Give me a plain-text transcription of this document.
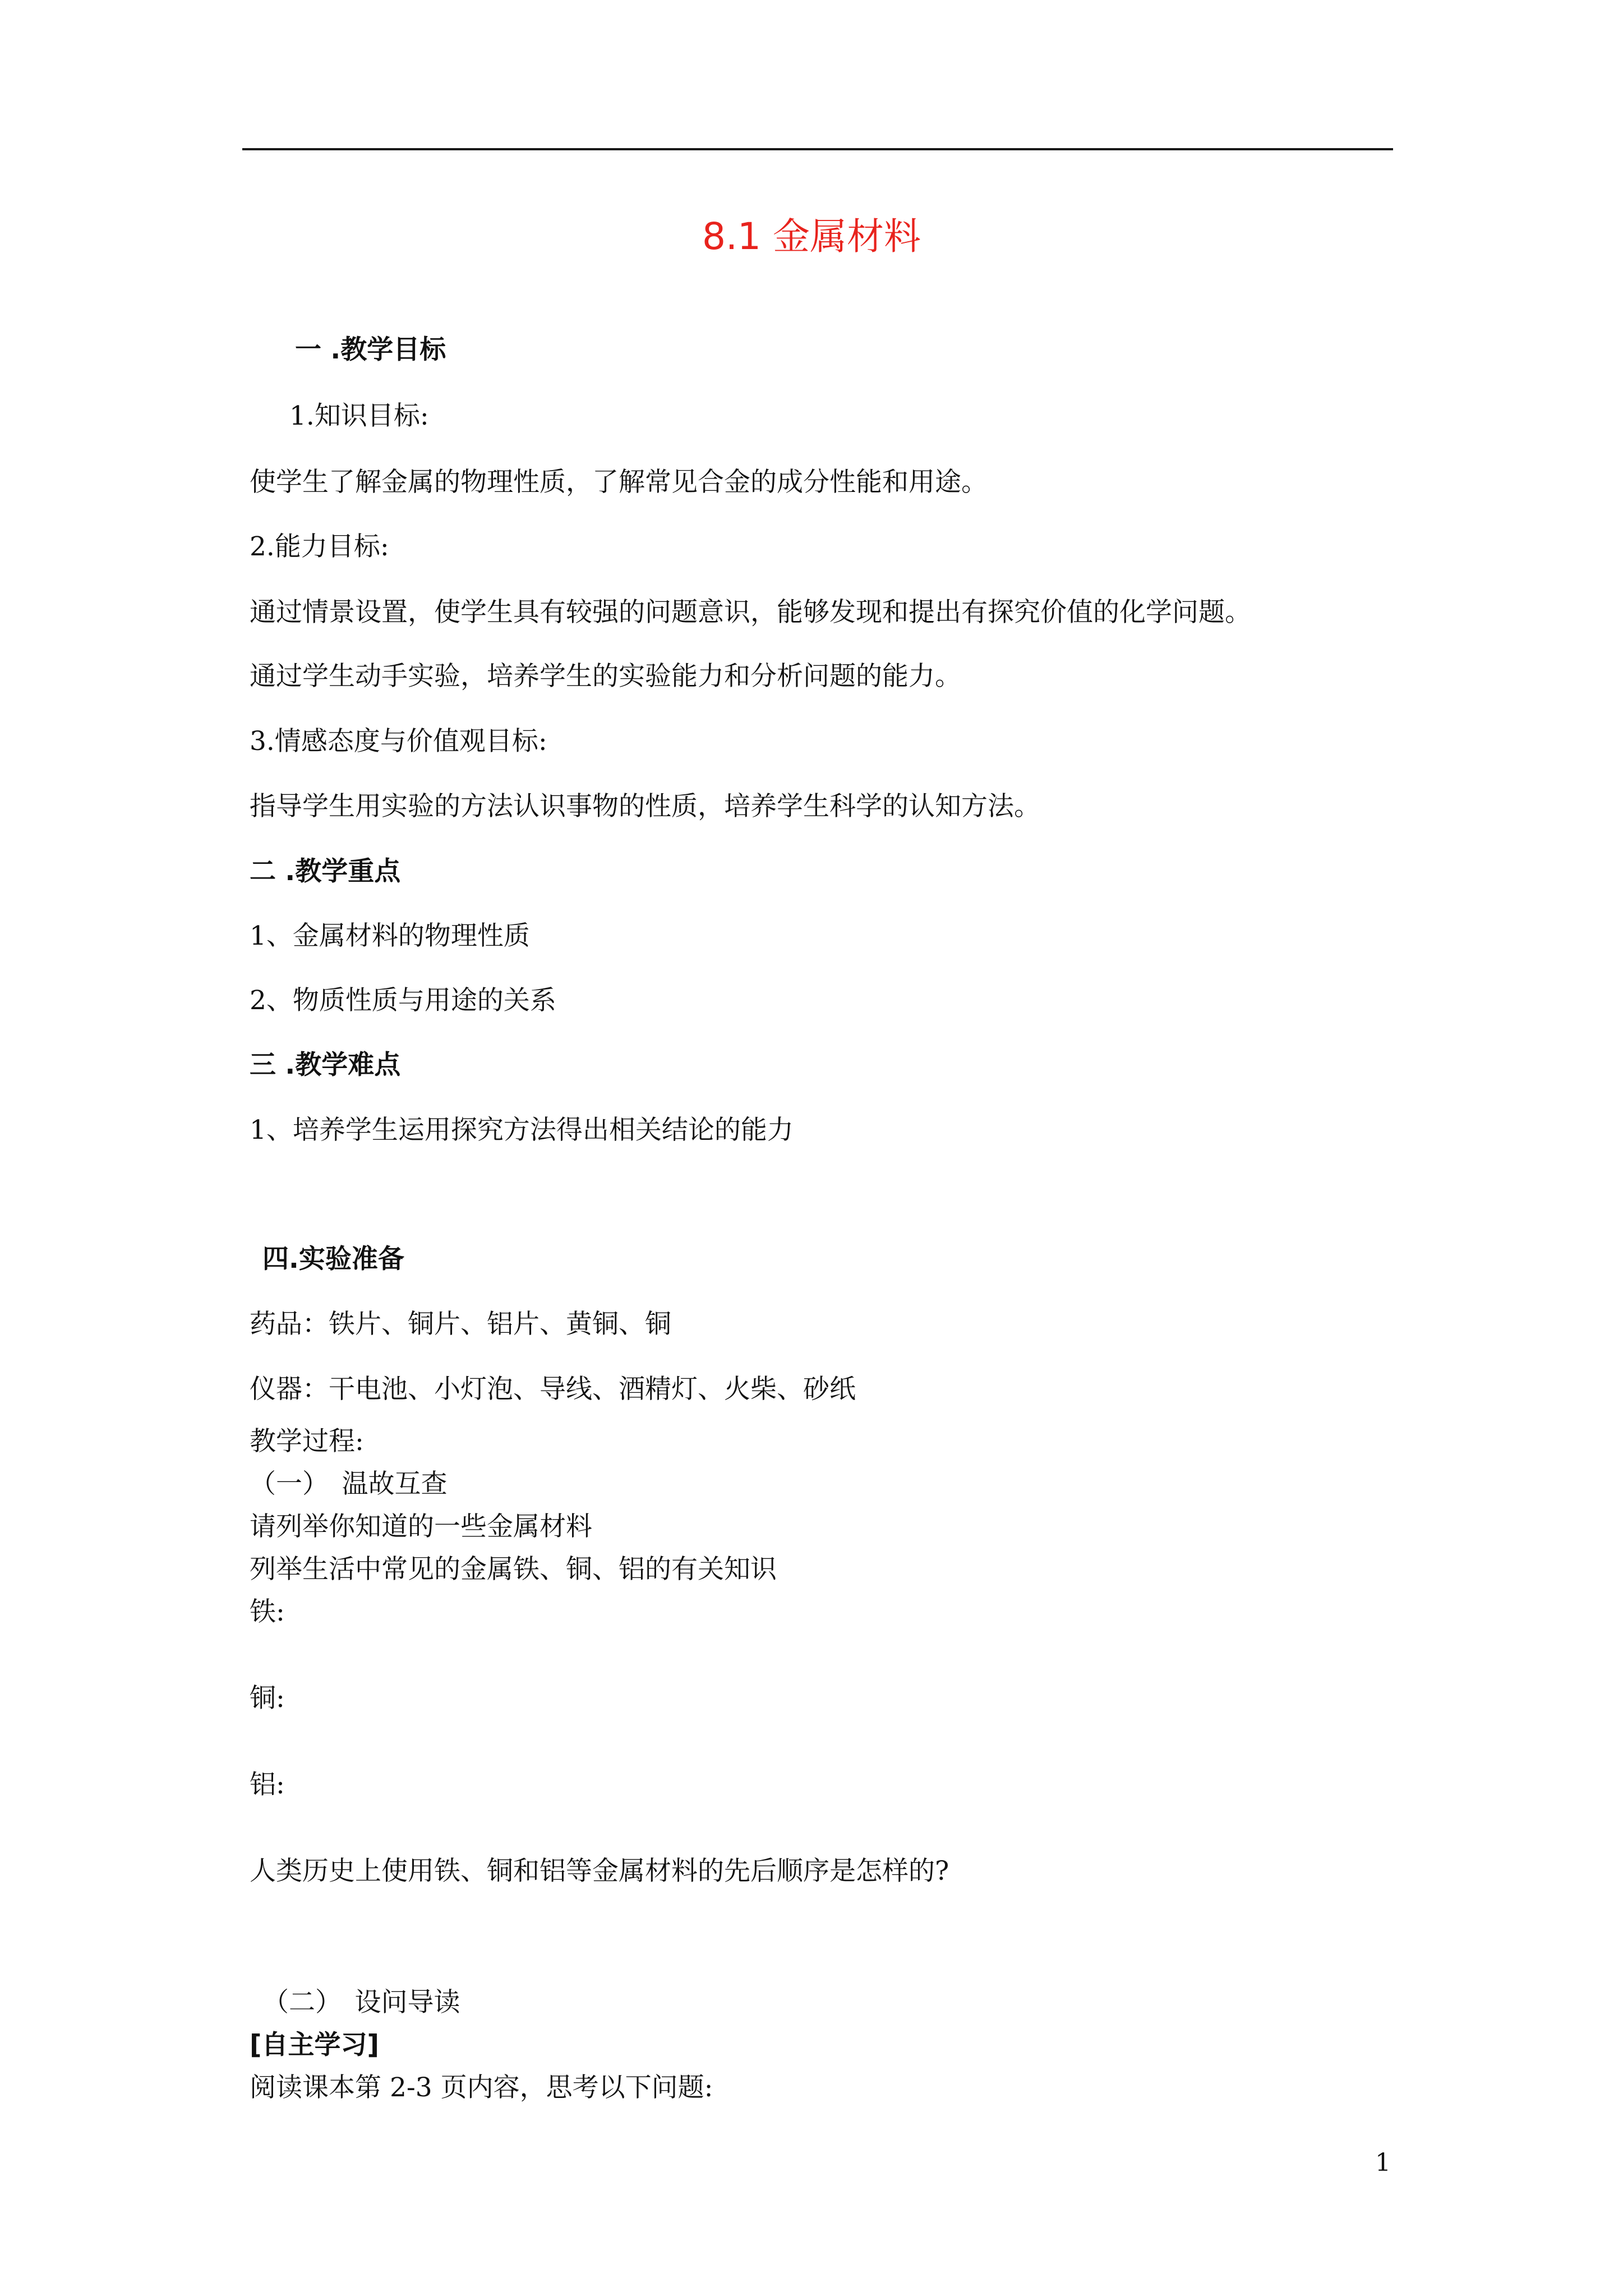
8.1 金属材料
一 .教学目标
1.知识目标:
使学生了解金属的物理性质，了解常见合金的成分性能和用途。
2.能力目标:
通过情景设置，使学生具有较强的问题意识，能够发现和提出有探究价值的化学问题。
通过学生动手实验，培养学生的实验能力和分析问题的能力。
3.情感态度与价值观目标:
指导学生用实验的方法认识事物的性质，培养学生科学的认知方法。
二 .教学重点
1、金属材料的物理性质
2、物质性质与用途的关系
三 .教学难点
1、培养学生运用探究方法得出相关结论的能力
四.实验准备
药品：铁片、铜片、铝片、黄铜、铜
仪器：干电池、小灯泡、导线、酒精灯、火柴、砂纸
教学过程:
（一）　温故互查
请列举你知道的一些金属材料
列举生活中常见的金属铁、铜、铝的有关知识
铁:
铜:
铝:
人类历史上使用铁、铜和铝等金属材料的先后顺序是怎样的?
（二）　设问导读
[自主学习]
阅读课本第 2-3 页内容，思考以下问题:
1
